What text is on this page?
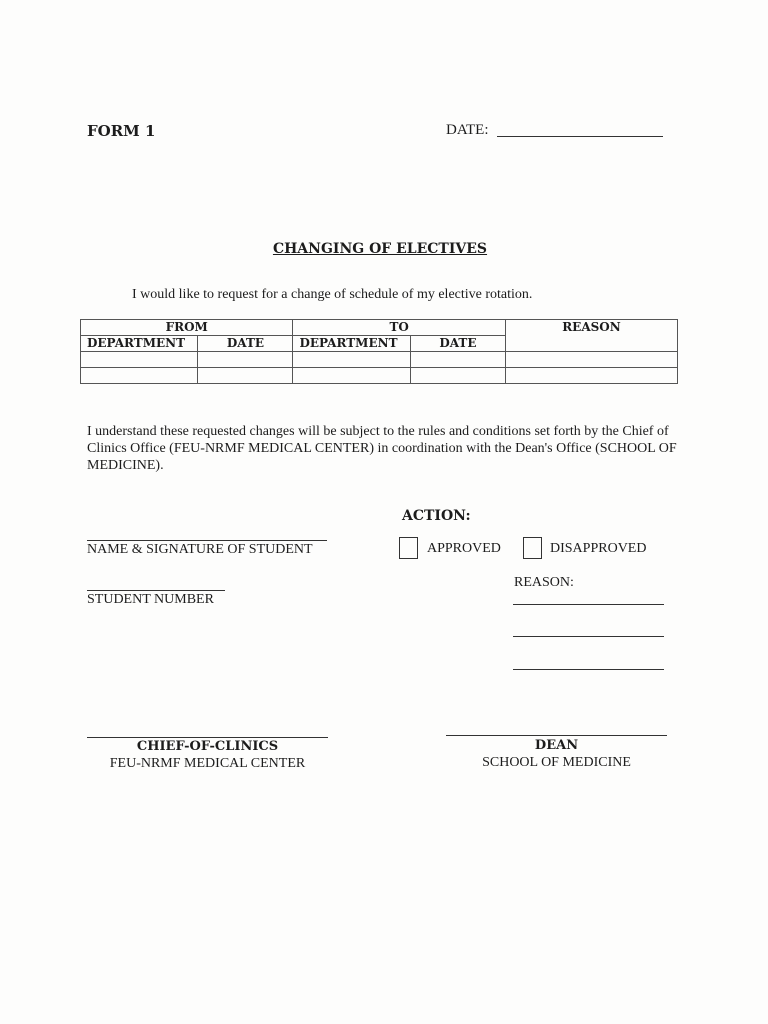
FORM 1	DATE:
CHANGING OF ELECTIVES
I would like to request for a change of schedule of my elective rotation.
FROM		TO		REASON
DEPARTMENT	DATE	DEPARTMENT	DATE	

I understand these requested changes will be subject to the rules and conditions set forth by the Chief of Clinics Office (FEU-NRMF MEDICAL CENTER) in coordination with the Dean's Office (SCHOOL OF MEDICINE).
NAME & SIGNATURE OF STUDENT
STUDENT NUMBER
ACTION:
APPROVED	DISAPPROVED
REASON:
CHIEF-OF-CLINICS
FEU-NRMF MEDICAL CENTER
DEAN
SCHOOL OF MEDICINE
